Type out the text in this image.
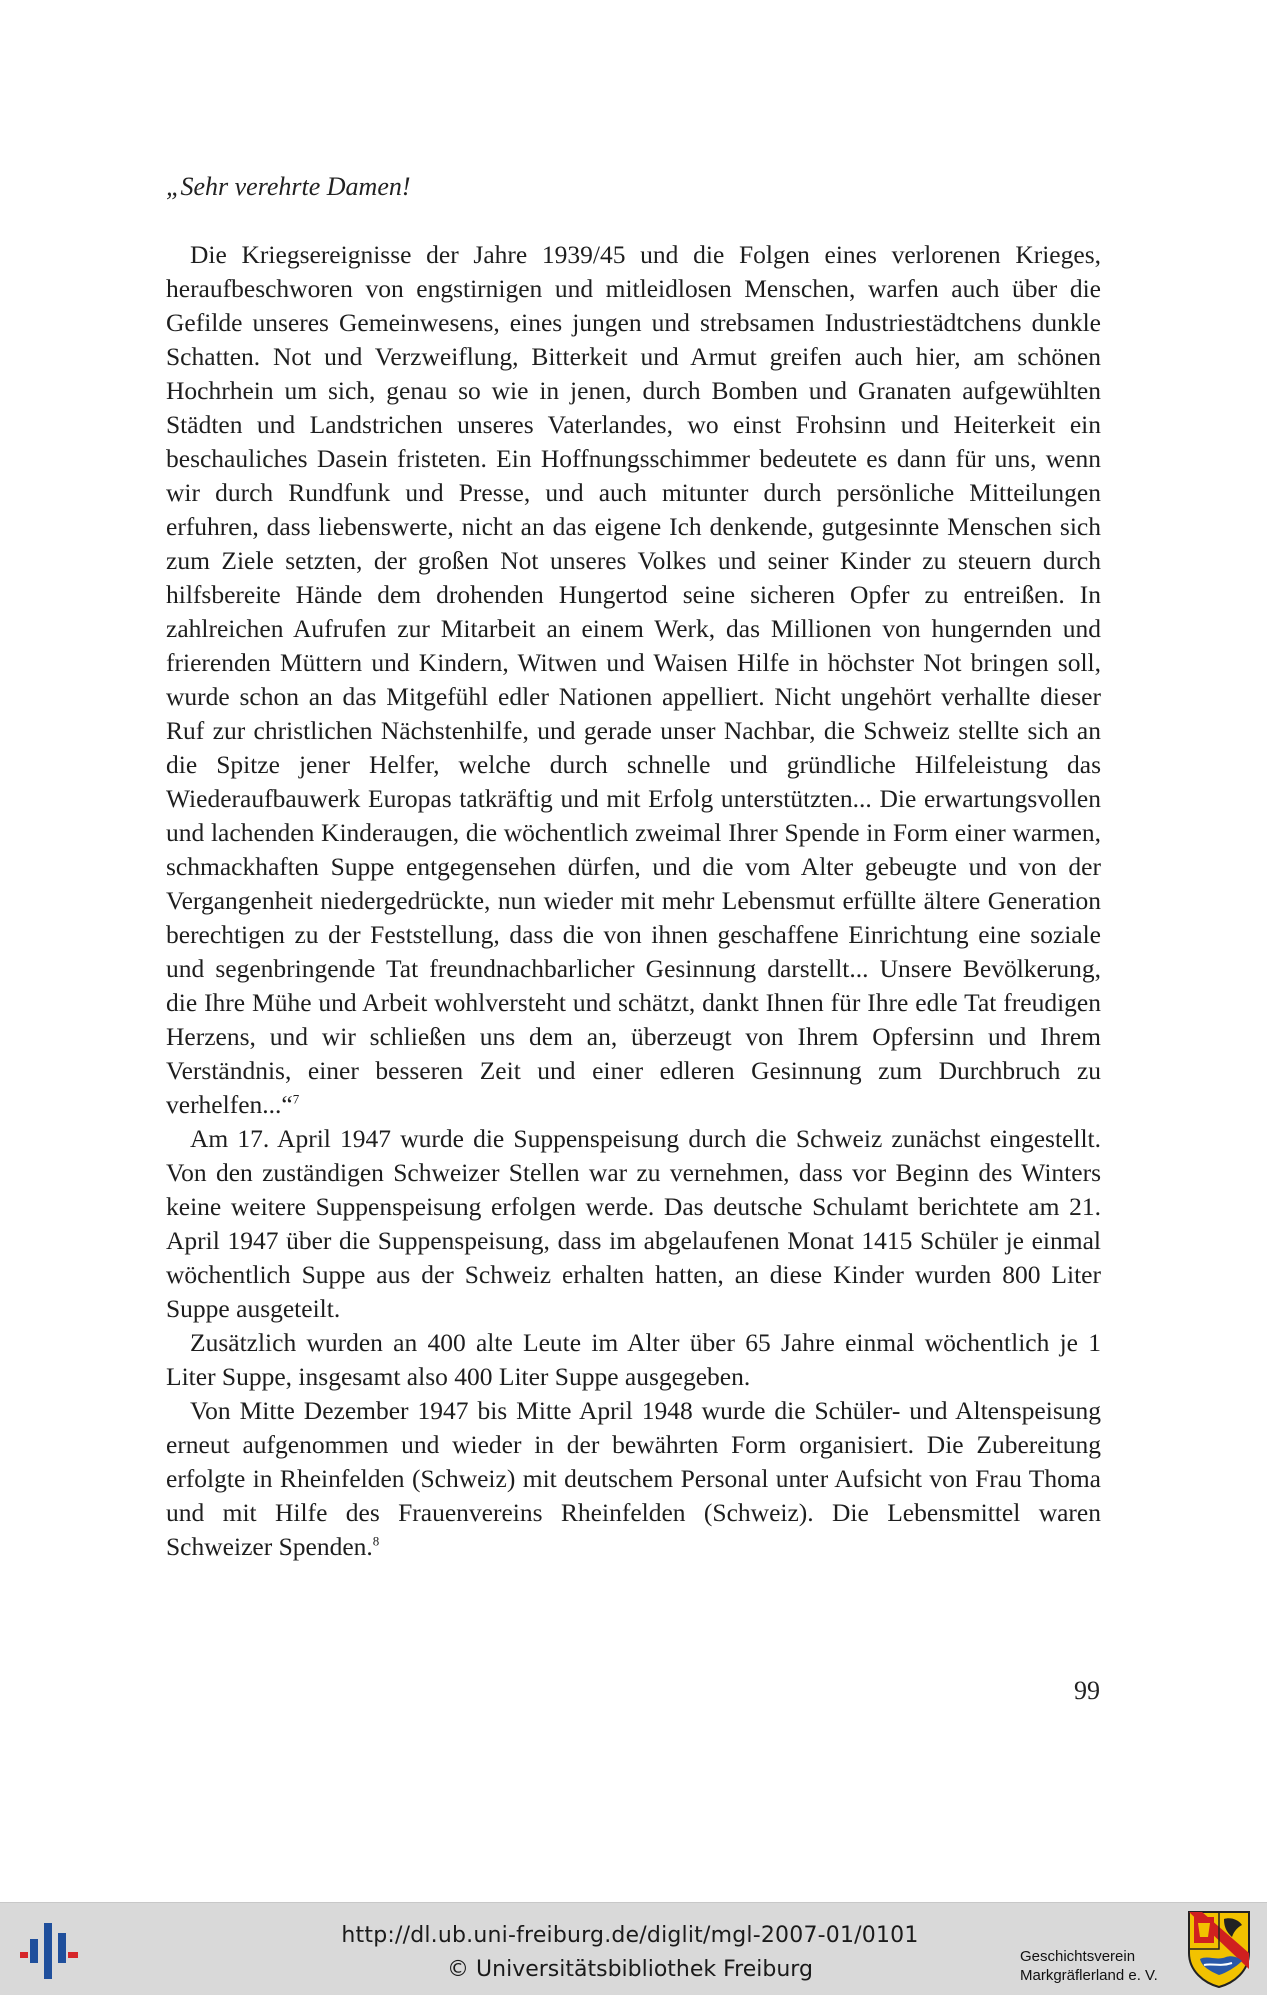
„Sehr verehrte Damen!

Die Kriegsereignisse der Jahre 1939/45 und die Folgen eines verlorenen Krieges, heraufbeschworen von engstirnigen und mitleidlosen Menschen, warfen auch über die Gefilde unseres Gemeinwesens, eines jungen und strebsamen Industriestädtchens dunkle Schatten. Not und Verzweiflung, Bitterkeit und Armut greifen auch hier, am schönen Hochrhein um sich, genau so wie in jenen, durch Bomben und Granaten aufgewühlten Städten und Landstrichen unseres Vaterlandes, wo einst Frohsinn und Heiterkeit ein beschauliches Dasein fristeten. Ein Hoffnungsschimmer bedeutete es dann für uns, wenn wir durch Rundfunk und Presse, und auch mitunter durch persönliche Mitteilungen erfuhren, dass liebenswerte, nicht an das eigene Ich denkende, gutgesinnte Menschen sich zum Ziele setzten, der großen Not unseres Volkes und seiner Kinder zu steuern durch hilfsbereite Hände dem drohenden Hungertod seine sicheren Opfer zu entreißen. In zahlreichen Aufrufen zur Mitarbeit an einem Werk, das Millionen von hungernden und frierenden Müttern und Kindern, Witwen und Waisen Hilfe in höchster Not bringen soll, wurde schon an das Mitgefühl edler Nationen appelliert. Nicht ungehört verhallte dieser Ruf zur christlichen Nächstenhilfe, und gerade unser Nachbar, die Schweiz stellte sich an die Spitze jener Helfer, welche durch schnelle und gründliche Hilfeleistung das Wiederaufbauwerk Europas tatkräftig und mit Erfolg unterstützten... Die erwartungsvollen und lachenden Kinderaugen, die wöchentlich zweimal Ihrer Spende in Form einer warmen, schmackhaften Suppe entgegensehen dürfen, und die vom Alter gebeugte und von der Vergangenheit niedergedrückte, nun wieder mit mehr Lebensmut erfüllte ältere Generation berechtigen zu der Feststellung, dass die von ihnen geschaffene Einrichtung eine soziale und segenbringende Tat freundnachbarlicher Gesinnung darstellt... Unsere Bevölkerung, die Ihre Mühe und Arbeit wohlversteht und schätzt, dankt Ihnen für Ihre edle Tat freudigen Herzens, und wir schließen uns dem an, überzeugt von Ihrem Opfersinn und Ihrem Verständnis, einer besseren Zeit und einer edleren Gesinnung zum Durchbruch zu verhelfen...“$^7$

Am 17. April 1947 wurde die Suppenspeisung durch die Schweiz zunächst eingestellt. Von den zuständigen Schweizer Stellen war zu vernehmen, dass vor Beginn des Winters keine weitere Suppenspeisung erfolgen werde. Das deutsche Schulamt berichtete am 21. April 1947 über die Suppenspeisung, dass im abgelaufenen Monat 1415 Schüler je einmal wöchentlich Suppe aus der Schweiz erhalten hatten, an diese Kinder wurden 800 Liter Suppe ausgeteilt.

Zusätzlich wurden an 400 alte Leute im Alter über 65 Jahre einmal wöchentlich je 1 Liter Suppe, insgesamt also 400 Liter Suppe ausgegeben.

Von Mitte Dezember 1947 bis Mitte April 1948 wurde die Schüler- und Altenspeisung erneut aufgenommen und wieder in der bewährten Form organisiert. Die Zubereitung erfolgte in Rheinfelden (Schweiz) mit deutschem Personal unter Aufsicht von Frau Thoma und mit Hilfe des Frauenvereins Rheinfelden (Schweiz). Die Lebensmittel waren Schweizer Spenden.$^8$

99
http://dl.ub.uni-freiburg.de/diglit/mgl-2007-01/0101
© Universitätsbibliothek Freiburg
Geschichtsverein
Markgräflerland e. V.
